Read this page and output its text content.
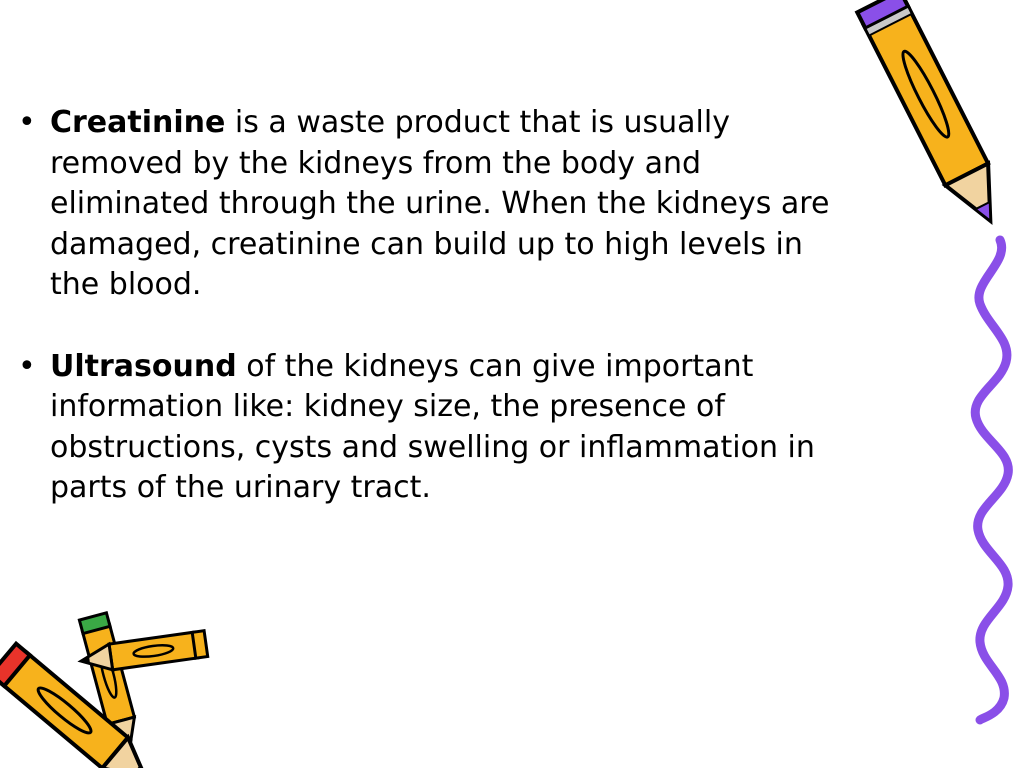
• Creatinine is a waste product that is usually removed by the kidneys from the body and eliminated through the urine. When the kidneys are damaged, creatinine can build up to high levels in the blood.
• Ultrasound of the kidneys can give important information like: kidney size, the presence of obstructions, cysts and swelling or inflammation in parts of the urinary tract.
